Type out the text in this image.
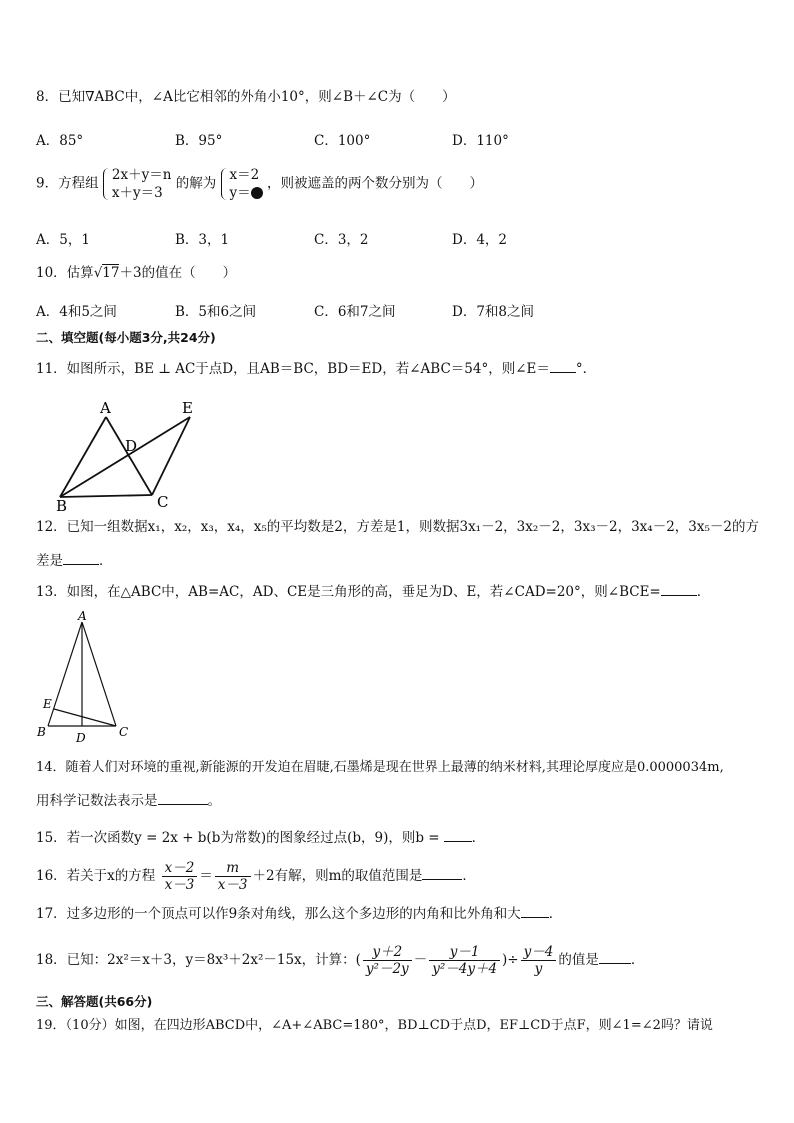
8．已知∇ABC中，∠A比它相邻的外角小10°，则∠B＋∠C为（　　）
A．85°	B．95°	C．100°	D．110°
9．方程组
2x＋y＝n
x＋y＝3
的解为
x＝2
y＝
，则被遮盖的两个数分别为（　　）
A．5，1	B．3，1	C．3，2	D．4，2
10．估算√17＋3的值在（　　）
A．4和5之间	B．5和6之间	C．6和7之间	D．7和8之间
二、填空题(每小题3分,共24分)
11．如图所示，BE ⊥ AC于点D，且AB＝BC，BD＝ED，若∠ABC＝54°，则∠E＝ °．
A	E
D
B	C
12．已知一组数据x₁，x₂，x₃，x₄，x₅的平均数是2，方差是1，则数据3x₁－2，3x₂－2，3x₃－2，3x₄－2，3x₅－2的方
差是	．
13．如图，在△ABC中，AB=AC，AD、CE是三角形的高，垂足为D、E，若∠CAD=20°，则∠BCE=	．
A
E
B	D	C
14．随着人们对环境的重视,新能源的开发迫在眉睫,石墨烯是现在世界上最薄的纳米材料,其理论厚度应是0.0000034m,
用科学记数法表示是	。
15．若一次函数y = 2x + b(b为常数)的图象经过点(b，9)，则b = ．
16．若关于x的方程 $\frac{x-2}{x-3} = \frac{m}{x-3} +2$有解，则m的取值范围是	．
17．过多边形的一个顶点可以作9条对角线，那么这个多边形的内角和比外角和大 ．
18．已知：2x²＝x＋3，y＝8x³＋2x²－15x，计算：( $\frac{y+2}{\text{y²－2y}} - \frac{y-1}{\text{y²－4y＋4}}$ )÷ $\frac{y-4}{y}$ 的值是 ．
三、解答题(共66分)
19．（10分）如图，在四边形ABCD中，∠A+∠ABC=180°，BD⊥CD于点D，EF⊥CD于点F，则∠1=∠2吗？请说
